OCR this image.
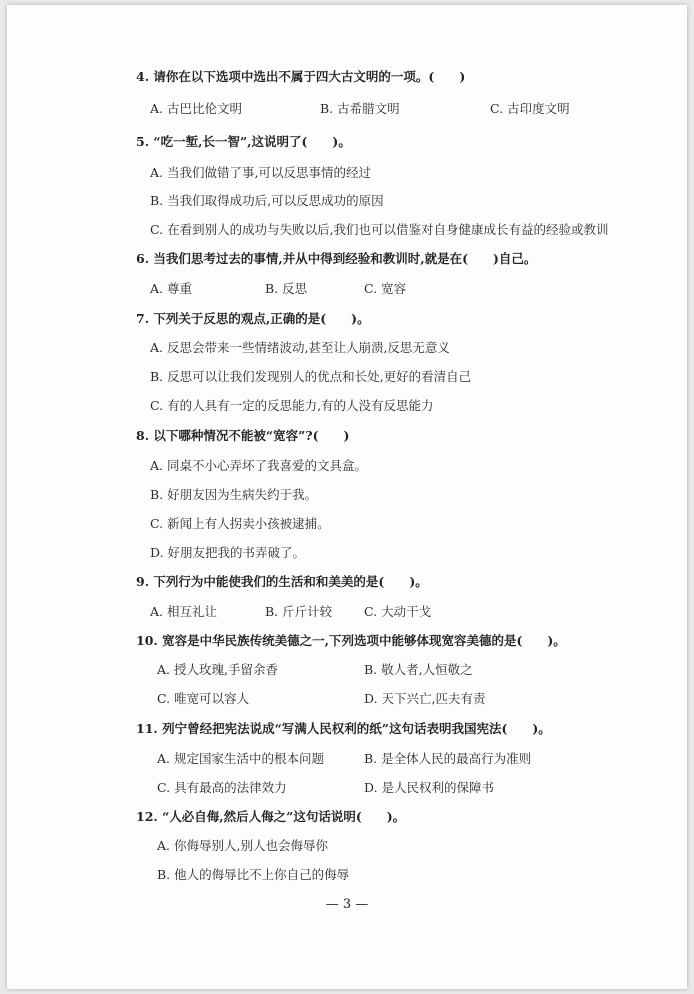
4. 请你在以下选项中选出不属于四大古文明的一项。(　　)
A. 古巴比伦文明	B. 古希腊文明	C. 古印度文明
5. “吃一堑,长一智”,这说明了(　　)。
A. 当我们做错了事,可以反思事情的经过
B. 当我们取得成功后,可以反思成功的原因
C. 在看到别人的成功与失败以后,我们也可以借鉴对自身健康成长有益的经验或教训
6. 当我们思考过去的事情,并从中得到经验和教训时,就是在(　　)自己。
A. 尊重	B. 反思	C. 宽容
7. 下列关于反思的观点,正确的是(　　)。
A. 反思会带来一些情绪波动,甚至让人崩溃,反思无意义
B. 反思可以让我们发现别人的优点和长处,更好的看清自己
C. 有的人具有一定的反思能力,有的人没有反思能力
8. 以下哪种情况不能被“宽容”?(　　)
A. 同桌不小心弄坏了我喜爱的文具盒。
B. 好朋友因为生病失约于我。
C. 新闻上有人拐卖小孩被逮捕。
D. 好朋友把我的书弄破了。
9. 下列行为中能使我们的生活和和美美的是(　　)。
A. 相互礼让	B. 斤斤计较	C. 大动干戈
10. 宽容是中华民族传统美德之一,下列选项中能够体现宽容美德的是(　　)。
A. 授人玫瑰,手留余香	B. 敬人者,人恒敬之
C. 唯宽可以容人	D. 天下兴亡,匹夫有责
11. 列宁曾经把宪法说成“写满人民权利的纸”这句话表明我国宪法(　　)。
A. 规定国家生活中的根本问题	B. 是全体人民的最高行为准则
C. 具有最高的法律效力	D. 是人民权利的保障书
12. “人必自侮,然后人侮之”这句话说明(　　)。
A. 你侮辱别人,别人也会侮辱你
B. 他人的侮辱比不上你自己的侮辱
— 3 —
